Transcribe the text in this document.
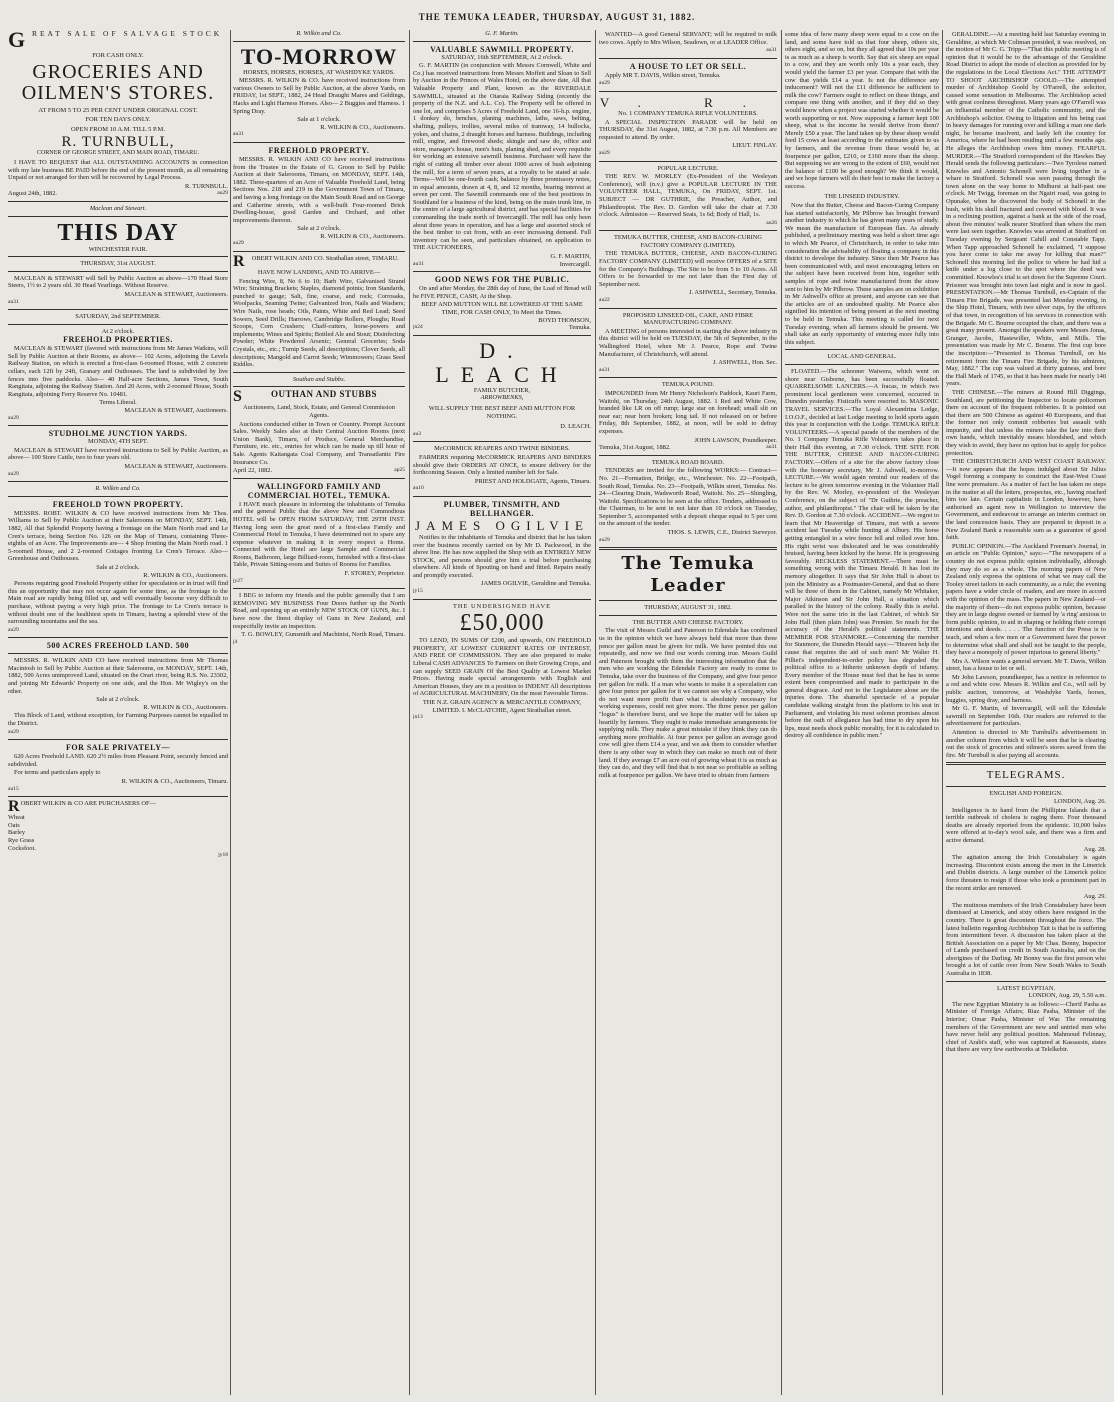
THE TEMUKA LEADER, THURSDAY, AUGUST 31, 1882.
G REAT SALE OF SALVAGE STOCK
FOR CASH ONLY.
GROCERIES AND OILMEN'S STORES.
AT FROM 5 TO 25 PER CENT UNDER ORIGINAL COST.
FOR TEN DAYS ONLY.
OPEN FROM 10 A.M. TILL 5 P.M.
R. TURNBULL,
CORNER OF GEORGE STREET, AND MAIN ROAD, TIMARU.

I HAVE TO REQUEST that ALL OUTSTANDING ACCOUNTS in connection with my late business BE PAID before the end of the present month, as all remaining Unpaid or not arranged for then will be recovered by Legal Process.

R. TURNBULL.
August 24th, 1882.	au29
Maclean and Stewart.
THIS DAY
WINCHESTER FAIR.
THURSDAY, 31st AUGUST.

MACLEAN & STEWART will Sell by Public Auction as above—170 Head Store Steers, 1½ to 2 years old. 30 Head Yearlings. Without Reserve.

MACLEAN & STEWART, Auctioneers.
au31
SATURDAY, 2nd SEPTEMBER.
At 2 o'clock.
FREEHOLD PROPERTIES.

MACLEAN & STEWART (favored with instructions from Mr James Watkins, will Sell by Public Auction at their Rooms, as above— 102 Acres, adjoining the Levels Railway Station, on which is erected a first-class 6-roomed House, with 2 concrete cellars, each 12ft by 24ft, Granary and Outhouses. The land is subdivided by live fences into five paddocks. Also— 40 Half-acre Sections, James Town, South Rangitata, adjoining the Railway Station. And 20 Acres, with 2-roomed House, South Rangitata, adjoining Ferry Reserve No. 10481.

Terms Liberal.
MACLEAN & STEWART, Auctioneers.
au29
STUDHOLME JUNCTION YARDS.
MONDAY, 4TH SEPT.

MACLEAN & STEWART have received instructions to Sell by Public Auction, as above— 100 Store Cattle, two to four years old.

MACLEAN & STEWART, Auctioneers.
au29
R. Wilkin and Co.
FREEHOLD TOWN PROPERTY.

MESSRS. ROBT. WILKIN & CO have received instructions from Mr Thos. Williams to Sell by Public Auction at their Salerooms on MONDAY, SEPT. 14th, 1882, All that Splendid Property having a frontage on the Main North road and Le Cren's terrace, being Section No. 126 on the Map of Timaru, containing Three-eighths of an Acre. The Improvements are— 4 Shop fronting the Main North road. 1 5-roomed House, and 2 2-roomed Cottages fronting Le Cren's Terrace. Also— Greenhouse and Outhouses.

Sale at 2 o'clock.
R. WILKIN & CO., Auctioneers.

Persons requiring good Freehold Property either for speculation or in trust will find this an opportunity that may not occur again for some time, as the frontage to the Main road are rapidly being filled up, and will eventually become very difficult to purchase, without paying a very high price. The frontage to Le Cren's terrace is without doubt one of the healthiest spots in Timaru, having a splendid view of the surrounding mountains and the sea.

au29
500 ACRES FREEHOLD LAND. 500

MESSRS. R. WILKIN AND CO have received instructions from Mr Thomas Macintosh to Sell by Public Auction at their Salerooms, on MONDAY, SEPT. 14th, 1882, 500 Acres unimproved Land, situated on the Orari river, being R.S. No. 23302, and joining Mr Edwards' Property on one side, and the Hon. Mr Wigley's on the other.

Sale at 2 o'clock.
R. WILKIN & CO., Auctioneers.

This Block of Land, without exception, for Farming Purposes cannot be equalled in the District.

au29
FOR SALE PRIVATELY—

620 Acres Freehold LAND. 620 2½ miles from Pleasant Point, securely fenced and subdivided.

For terms and particulars apply to

R. WILKIN & CO., Auctioneers, Timaru.
au15
R OBERT WILKIN & CO ARE PURCHASERS OF—
Wheat
Oats
Barley
Rye Grass
Cocksfoot.
jy18
R. Wilkin and Co.
TO-MORROW
HORSES, HORSES, HORSES, AT WASHDYKE YARDS.

MESSRS. R. WILKIN & CO. have received instructions from various Owners to Sell by Public Auction, at the above Yards, on FRIDAY, 1st SEPT., 1882, 24 Head Draught Mares and Geldings, Hacks and Light Harness Horses. Also— 2 Buggies and Harness. 1 Spring Dray.

Sale at 1 o'clock.
R. WILKIN & CO., Auctioneers.
au31
FREEHOLD PROPERTY.

MESSRS. R. WILKIN AND CO have received instructions from the Trustee in the Estate of G. Groon to Sell by Public Auction at their Salerooms, Timaru, on MONDAY, SEPT. 14th, 1882. Three-quarters of an Acre of Valuable Freehold Land, being Sections Nos. 218 and 219 in the Government Town of Timaru, and having a long frontage on the Main South Road and on George and Catherine streets, with a well-built Four-roomed Brick Dwelling-house, good Garden and Orchard, and other improvements thereon.

Sale at 2 o'clock.
R. WILKIN & CO., Auctioneers.
au29
R	OBERT WILKIN AND CO. Strathallan street, TIMARU.
HAVE NOW LANDING, AND TO ARRIVE—

Fencing Wire, 8, No 6 to 10; Barb Wire, Galvanised Strand Wire; Straining Brackets; Staples, diamond points; Iron Standards, punched to gauge; Salt, fine, coarse, and rock; Corrosaks, Woolpacks, Seaming Twine; Galvanized Iron, Nails and Washers; Wire Nails, rose heads; Oils, Paints, White and Red Lead; Seed Sowers, Seed Drills; Harrows, Cambridge Rollers, Ploughs; Road Scoops, Corn Crushers; Chaff-cutters, horse-powers and implements; Wines and Spirits; Bottled Ale and Stout; Disinfecting Powder; White Powdered Arsenic; General Groceries; Soda Crystals, etc., etc.; Turnip Seeds, all descriptions; Clover Seeds, all descriptions; Mangold and Carrot Seeds; Wimmowers; Grass Seed Riddles.

Southan and Stubbs.
S	OUTHAN AND STUBBS
Auctioneers, Land, Stock, Estate, and General Commission Agents.

Auctions conducted either in Town or Country. Prompt Account Sales. Weekly Sales also at their Central Auction Rooms (next Union Bank), Timaru, of Produce, General Merchandise, Furniture, etc. etc., entries for which can be made up till hour of Sale. Agents Kaitangata Coal Company, and Transatlantic Fire Insurance Co.

April 22, 1882.	ap25
WALLINGFORD FAMILY AND COMMERCIAL HOTEL, TEMUKA.

I HAVE much pleasure in informing the inhabitants of Temuka and the general Public that the above New and Commodious HOTEL will be OPEN FROM SATURDAY, THE 29TH INST. Having long seen the great need of a first-class Family and Commercial Hotel in Temuka, I have determined not to spare any expense whatever in making it in every respect a Home. Connected with the Hotel are large Sample and Commercial Rooms, Bathroom, large Billiard-room, furnished with a first-class Table, Private Sitting-room and Suites of Rooms for Families.

F. STOREY, Proprietor.
jy27

I BEG to inform my friends and the public generally that I am REMOVING MY BUSINESS Four Doors further up the North Road, and opening up an entirely NEW STOCK OF GUNS, &c. I have now the finest display of Guns in New Zealand, and respectfully invite an inspection.

T. G. BOWLEY, Gunsmith and Machinist, North Road, Timaru.
j4
G. F. Martin.
VALUABLE SAWMILL PROPERTY.
SATURDAY, 16th SEPTEMBER, At 2 o'clock.

G. F. MARTIN (in conjunction with Messrs Cornwell, White and Co.) has received instructions from Messrs Moffett and Sloan to Sell by Auction in the Princes of Wales Hotel, on the above date, All that Valuable Property and Plant, known as the RIVERDALE SAWMILL, situated at the Otaraia Railway Siding (recently the property of the N.Z. and A.L. Co). The Property will be offered in one lot, and comprises 5 Acres of Freehold Land, one 16-h.p. engine, 1 donkey do, benches, planing machines, laths, saws, belting, shafting, pulleys, trollies, several miles of tramway, 14 bullocks, yokes, and chains, 2 draught horses and harness. Buildings, including mill, engine, and firewood sheds; skingle and saw do, office and store, manager's house, men's huts, planing shed, and every requisite for working an extensive sawmill business. Purchaser will have the right of cutting all timber over about 1000 acres of bush adjoining the mill, for a term of seven years, at a royalty to be stated at sale. Terms—Will be one-fourth cash; balance by three promissory notes, in equal amounts, drawn at 4, 8, and 12 months, bearing interest at seven per cent. The Sawmill commands one of the best positions in Southland for a business of the kind, being on the main trunk line, in the centre of a large agricultural district, and has special facilities for commanding the trade north of Invercargill. The mill has only been about three years in operation, and has a large and assorted stock of the best timber to cut from, with an ever increasing demand. Full inventory can be seen, and particulars obtained, on application to THE AUCTIONEERS,

G. F. MARTIN,
au31	Invercargill.
GOOD NEWS FOR THE PUBLIC.

On and after Monday, the 28th day of June, the Loaf of Bread will be FIVE PENCE, CASH, At the Shop.

BEEF AND MUTTON WILL BE LOWERED AT THE SAME TIME, FOR CASH ONLY, To Meet the Times.
BOYD THOMSON,
jn24	Temuka.
D. LEACH
FAMILY BUTCHER,
ARROWBENKS,
WILL SUPPLY THE BEST BEEF AND MUTTON FOR NOTHING.
D. LEACH.
au3
McCORMICK REAPERS AND TWINE BINDERS.

FARMERS requiring McCORMICK REAPERS AND BINDERS should give their ORDERS AT ONCE, to ensure delivery for the forthcoming Season. Only a limited number left for Sale.

PRIEST AND HOLDGATE, Agents, Timaru.
au10
PLUMBER, TINSMITH, AND BELLHANGER.
JAMES OGILVIE

Notifies to the inhabitants of Temuka and district that he has taken over the business recently carried on by Mr D. Packwood, in the above line. He has now supplied the Shop with an ENTIRELY NEW STOCK, and persons should give him a trial before purchasing elsewhere. All kinds of Spouting on hand and fitted. Repairs neatly and promptly executed.

JAMES OGILVIE, Geraldine and Temuka.
jy15
THE UNDERSIGNED HAVE
£50,000

TO LEND, IN SUMS OF £200, and upwards, ON FREEHOLD PROPERTY, AT LOWEST CURRENT RATES OF INTEREST, AND FREE OF COMMISSION. They are also prepared to make Liberal CASH ADVANCES To Farmers on their Growing Crops, and can supply SEED GRAIN Of the Best Quality at Lowest Market Prices. Having made special arrangements with English and American Houses, they are in a position to INDENT All descriptions of AGRICULTURAL MACHINERY, On the most Favorable Terms.

THE N.Z. GRAIN AGENCY & MERCANTILE COMPANY, LIMITED. I. McCLATCHIE, Agent Strathallan street.
jn13

WANTED—A good General SERVANT; will be required to milk two cows. Apply to Mrs Wilson, Seadown, or at LEADER Office.

au31
A HOUSE TO LET OR SELL.

Apply MR T. DAVIS, Wilkin street, Temuka.

au29
V. R.
No. 1 COMPANY TEMUKA RIFLE VOLUNTEERS.

A SPECIAL INSPECTION PARADE will be held on THURSDAY, the 31st August, 1882, at 7.30 p.m. All Members are requested to attend. By order.

LIEUT. FINLAY.
au29
POPULAR LECTURE.

THE REV. W. MORLEY (Ex-President of the Wesleyan Conference), will (n.v.) give a POPULAR LECTURE IN THE VOLUNTEER HALL, TEMUKA, On FRIDAY, SEPT. 1st. SUBJECT — DR GUTHRIE, the Preacher, Author, and Philanthropist. The Rev. D. Gordon will take the chair at 7.30 o'clock. Admission — Reserved Seats, 1s 6d; Body of Hall, 1s.

au26
TEMUKA BUTTER, CHEESE, AND BACON-CURING FACTORY COMPANY (LIMITED).

THE TEMUKA BUTTER, CHEESE, AND BACON-CURING FACTORY COMPANY (LIMITED) will receive OFFERS of a SITE for the Company's Buildings. The Site to be from 5 to 10 Acres. All Offers to be forwarded to me not later than the First day of September next.

J. ASHWELL, Secretary, Temuka.
au22
PROPOSED LINSEED OIL, CAKE, AND FIBRE MANUFACTURING COMPANY.

A MEETING of persons interested in starting the above industry in this district will be held on TUESDAY, the 5th of September, in the Wallingford Hotel, when Mr J. Pearce, Rope and Twine Manufacturer, of Christchurch, will attend.

J. ASHWELL, Hon. Sec.
au31
TEMUKA POUND.

IMPOUNDED from Mr Henry Nicholson's Paddock, Kauri Farm, Waitohi, on Thursday, 24th August, 1882. 1 Red and White Cow, branded like LR on off rump; large star on forehead; small slit on near ear; near horn broken; long tail. If not released on or before Friday, 8th September, 1882, at noon, will be sold to defray expenses.

JOHN LAWSON, Poundkeeper.
Temuka, 31st August, 1882.	au31
TEMUKA ROAD BOARD.

TENDERS are invited for the following WORKS:— Contract— No. 21—Formation, Bridge, etc., Winchester. No. 22—Footpath, South Road, Temuka. No. 23—Footpath, Wilkin street, Temuka. No. 24—Clearing Drain, Wadsworth Road, Waitohi. No. 25—Shingling, Waitohi. Specifications to be seen at the office. Tenders, addressed to the Chairman, to be sent in not later than 10 o'clock on Tuesday, September 5, accompanied with a deposit cheque equal to 5 per cent on the amount of the tender.

THOS. S. LEWIS, C.E., District Surveyor.
au29
The Temuka Leader
THURSDAY, AUGUST 31, 1882.
THE BUTTER AND CHEESE FACTORY.

The visit of Messrs Guild and Paterson to Edendale has confirmed us in the opinion which we have always held that more than three pence per gallon must be given for milk. We have pointed this out repeatedly, and now we find our words coming true. Messrs Guild and Paterson brought with them the interesting information that the men who are working the Edendale Factory are ready to come to Temuka, take over the business of the Company, and give four pence per gallon for milk. If a man who wants to make it a speculation can give four pence per gallon for it we cannot see why a Company, who do not want more profit than what is absolutely necessary for working expenses, could not give more. The three pence per gallon "logus" is therefore burst, and we hope the matter will be taken up heartily by farmers. They ought to make immediate arrangements for supplying milk. They make a great mistake if they think they can do anything more profitable. At four pence per gallon an average good cow will give them £14 a year, and we ask them to consider whether there is any other way in which they can make so much out of their land. If they average £7 an acre out of growing wheat it is as much as they can do, and they will find that is not near so profitable as selling milk at fourpence per gallon. We have tried to obtain from farmers

some idea of how many sheep were equal to a cow on the land, and some have told us that four sheep, others six, others eight, and so on, but they all agreed that 10s per year is as much as a sheep is worth. Say that six sheep are equal to a cow, and they are worth only 10s a year each, they would yield the farmer £3 per year. Compare that with the cow that yields £14 a year. Is not the difference any inducement? Will not the £11 difference be sufficient to milk the cow? Farmers ought to reflect on these things, and compare one thing with another, and if they did so they would know when a project was started whether it would be worth supporting or not. Now supposing a farmer kept 100 sheep, what is the income he would derive from them? Merely £50 a year. The land taken up by these sheep would feed 15 cows at least according to the estimates given to us by farmers, and the revenue from these would be, at fourpence per gallon, £210, or £160 more than the sheep. But supposing we are wrong to the extent of £60, would not the balance of £100 be good enough? We think it would, and we hope farmers will do their best to make the factory a success.

THE LINSEED INDUSTRY.

Now that the Butter, Cheese and Bacon-Curing Company has started satisfactorily, Mr Pilbrow has brought forward another industry to which he has given many years of study. We mean the manufacture of European flax. As already published, a preliminary meeting was held a short time ago to which Mr Pearce, of Christchurch, in order to take into consideration the advisability of floating a company in this district to develope the industry. Since then Mr Pearce has been communicated with, and most encouraging letters on the subject have been received from him, together with samples of rope and twine manufactured from the straw sent to him by Mr Pilbrow. These samples are on exhibition in Mr Ashwell's office at present, and anyone can see that the articles are of an undoubted quality. Mr Pearce also signified his intention of being present at the next meeting to be held in Temuka. This meeting is called for next Tuesday evening, when all farmers should be present. We shall take an early opportunity of entering more fully into this subject.

LOCAL AND GENERAL.

FLOATED.—The schooner Waiwera, which went on shore near Gisborne, has been successfully floated. QUARRELSOME LANCERS.—A fracas, in which two prominent local gentlemen were concerned, occurred in Dunedin yesterday. Fisticuffs were resorted to. MASONIC TRAVEL SERVICES.—The Loyal Alexandrina Lodge, I.O.O.F., decided at last Lodge meeting to hold sports again this year in conjunction with the Lodge. TEMUKA RIFLE VOLUNTEERS.—A special parade of the members of the No. 1 Company Temuka Rifle Volunteers takes place in their Hall this evening, at 7.30 o'clock. THE SITE FOR THE BUTTER, CHEESE AND BACON-CURING FACTORY.—Offers of a site for the above factory close with the honorary secretary, Mr J. Ashwell, to-morrow. LECTURE.—We would again remind our readers of the lecture to be given tomorrow evening in the Volunteer Hall by the Rev. W. Morley, ex-president of the Wesleyan Conference, on the subject of "Dr Guthrie, the preacher, author, and philanthropist." The chair will be taken by the Rev. D. Gordon at 7.30 o'clock. ACCIDENT.—We regret to learn that Mr Heaveridge of Timaru, met with a severe accident last Tuesday while hunting at Albury. His horse getting entangled in a wire fence fell and rolled over him. His right wrist was dislocated and he was considerably bruised, having been kicked by the horse. He is progressing favorably. RECKLESS STATEMENT.—There must be something wrong with the Timaru Herald. It has lost its memory altogether. It says that Sir John Hall is about to join the Ministry as a Postmaster-General, and that so there will be three of them in the Cabinet, namely Mr Whitaker, Major Atkinson and Sir John Hall, a situation which paralled in the history of the colony. Really this is awful. Were not the same trio in the last Cabinet, of which Sir John Hall (then plain John) was Premier. So much for the accuracy of the Herald's political statements. THE MEMBER FOR STANMORE.—Concerning the member for Stanmore, the Dunedin Herald says:—"Heaven help the cause that requires the aid of such men! Mr Walter H. Pilliet's independent-to-order policy has degraded the political office to a hitherto unknown depth of infamy. Every member of the House must feel that he has to some extent been compromised and made to participate in the general disgrace. And not to the Legislature alone are the injuries done. The shameful spectacle of a popular candidate walking straight from the platform to his seat in Parliament, and violating his most solemn promises almost before the oath of allegiance has had time to dry upon his lips, must needs shock public morality, for it is calculated to destroy all confidence in public men."

GERALDINE.—At a meeting held last Saturday evening in Geraldine, at which Mr Coltman presided, it was resolved, on the motion of Mr C. G. Tripp—"That this public meeting is of opinion that it would be to the advantage of the Geraldine Road District to adopt the mode of election as provided for by the regulations in the Local Elections Act." THE ATTEMPT TO SHOOT ARCHBISHOP GOOLD.—The attempted murder of Archbishop Goold by O'Farrell, the solicitor, caused some sensation in Melbourne. The Archbishop acted with great coolness throughout. Many years ago O'Farrell was an influential member of the Catholic community, and the Archbishop's solicitor. Owing to litigation and his being cast in heavy damages for running over and killing a man one dark night, he became insolvent, and lastly left the country for America, where he had been residing until a few months ago. He alleges the Archbishop owes him money. FEARFUL MURDER.—The Stratford correspondent of the Hawkes Bay Herald sends the following particulars:—Two Tyrolese named Knowles and Antonio Schonell were living together in a whare in Stratford. Schonell was seen passing through the town alone on the way home to Midhurst at half-past one o'clock. Mr Twigg, foreman on the Ngairi road, was going to Opunake, when he discovered the body of Schonell in the bush, with his skull fractured and covered with blood. It was in a reclining position, against a bank at the side of the road, about five minutes' walk nearer Stratford than where the men were last seen together. Knowles was arrested at Stratford on Tuesday evening by Sergeant Cahill and Constable Tapp. When Tapp approached Schonell he exclaimed, "I suppose you have come to take me away for killing that man?" Schonell this morning led the police to where he had hid a knife under a log close to the spot where the deed was committed. Knowles's trial is set down for the Supreme Court. Prisoner was brought into town last night and is now in gaol. PRESENTATION.—Mr Thomas Turnbull, ex-Captain of the Timaru Fire Brigade, was presented last Monday evening, in the Ship Hotel, Timaru, with two silver cups, by the officers of that town, in recognition of his services in connection with the Brigade. Mr C. Bourne occupied the chair, and there was a great many present. Amongst the speakers were Messrs Jonas, Granger, Jacobs, Hastewiller, White, and Mills. The presentation was made by Mr C. Bourne. The first cup bore the inscription:—"Presented to Thomas Turnbull, on his retirement from the Timaru Fire Brigade, by his admirers, May, 1882." The cup was valued at thirty guineas, and bore the Hall Mark of 1745, so that it has been made for nearly 140 years.

THE CHINESE.—The miners at Round Hill Diggings, Southland, are petitioning the Inspector to locate policemen there on account of the frequent robberies. It is pointed out that there are 500 Chinese as against 40 Europeans, and that the former not only commit robberies but assault with impunity, and that unless the miners take the law into their own hands, which inevitably means bloodshed, and which they wish to avoid, they have no option but to apply for police protection.

THE CHRISTCHURCH AND WEST COAST RAILWAY.—It now appears that the hopes indulged about Sir Julius Vogel forming a company to construct the East-West Coast line were premature. As a matter of fact he has taken no steps in the matter at all the letters, prospectus, etc., having reached him too late. Certain capitalists in London, however, have authorised an agent now in Wellington to interview the Government, and endeavour to arrange an interim contract on the land concession basis. They are prepared to deposit in a New Zealand Bank a reasonable sum as a guarantee of good faith.

PUBLIC OPINION.—The Auckland Freeman's Journal, in an article on "Public Opinion," says:—"The newspapers of a country do not express public opinion individually, although they may do so as a whole. The morning papers of New Zealand only express the opinions of what we may call the Tooley street tailors in each community, as a rule; the evening papers have a wider circle of readers, and are more in accord with the opinion of the mass. The papers in New Zealand—or the majority of them—do not express public opinion, because they are in large degree owned or farmed by 'a ring' anxious to form public opinion, to aid in shaping or holding their corrupt intentions and deeds. . . . . The function of the Press is to teach, and when a few men or a Government have the power to determine what shall and shall not be taught to the people, they have a monopoly of power injurious to general liberty."

Mrs A. Wilson wants a general servant. Mr T. Davis, Wilkin street, has a house to let or sell.

Mr John Lawson, poundkeeper, has a notice in reference to a red and white cow. Messrs R. Wilkin and Co., will sell by public auction, tomorrow, at Washdyke Yards, horses, buggies, spring dray, and harness.

Mr G. F. Martin, of Invercargill, will sell the Edendale sawmill on September 16th. Our readers are referred to the advertisement for particulars.

Attention is directed to Mr Turnbull's advertisement in another column from which it will be seen that he is clearing out the stock of groceries and oilmen's stores saved from the fire. Mr Turnbull is also paying all accounts.

TELEGRAMS.
ENGLISH AND FOREIGN.
LONDON, Aug. 26.

Intelligence is to hand from the Phillipine Islands that a terrible outbreak of cholera is raging there. Four thousand deaths are already reported from the epidemic. 10,000 bales were offered at to-day's wool sale, and there was a firm and active demand.

Aug. 28.

The agitation among the Irish Constabulary is again increasing. Discontent exists among the men in the Limerick and Dublin districts. A large number of the Limerick police force threaten to resign if those who took a prominent part in the recent strike are removed.

Aug. 29.

The mutinous members of the Irish Constabulary have been dismissed at Limerick, and sixty others have resigned in the country. There is great discontent throughout the force. The latest bulletin regarding Archbishop Tait is that he is suffering from intermittent fever. A discussion has taken place at the British Association on a paper by Mr Chas. Bonny, Inspector of Lands purchased on credit in South Australia, and on the aborigines of the Darling. Mr Bonny was the first person who brought a lot of cattle over from New South Wales to South Australia in 1838.

LATEST EGYPTIAN.
LONDON, Aug. 29, 5.50 a.m.

The new Egyptian Ministry is as follows:—Cherif Pasha as Minister of Foreign Affairs; Riaz Pasha, Minister of the Interior; Omar Pasha, Minister of War. The remaining members of the Government are new and untried men who have never held any political position. Mahmoud Felinnay, chief of Arabi's staff, who was captured at Kassassin, states that there are very few earthworks at Telelkebir.
